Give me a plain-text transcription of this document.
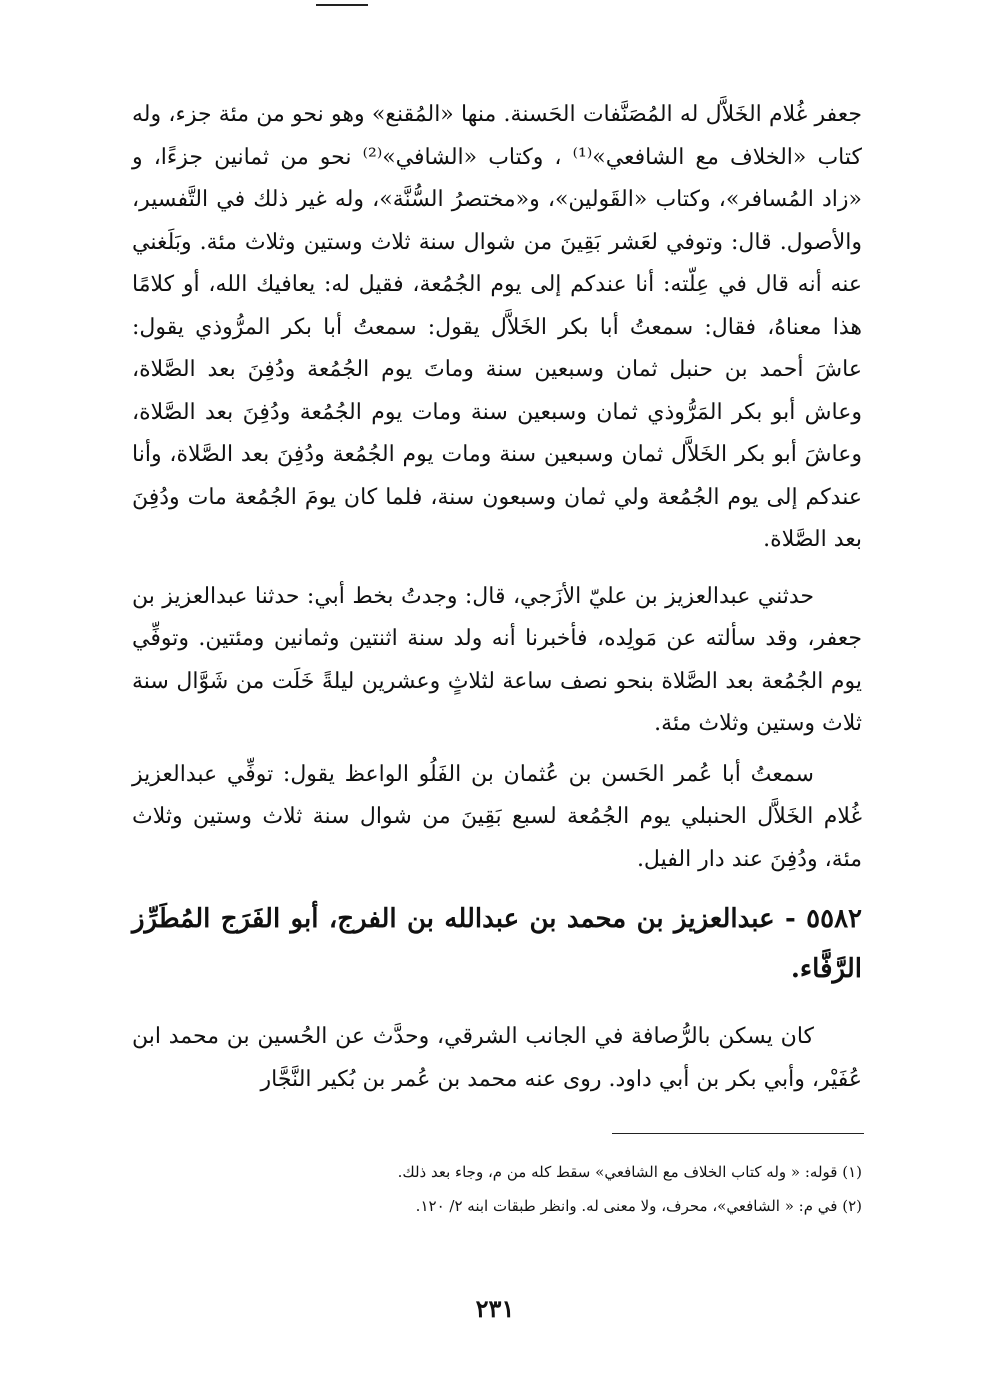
جعفر غُلام الخَلاَّل له المُصَنَّفات الحَسنة. منها «المُقنع» وهو نحو من مئة جزء، وله كتاب «الخلاف مع الشافعي»⁽¹⁾ ، وكتاب «الشافي»⁽²⁾ نحو من ثمانين جزءًا، و «زاد المُسافر»، وكتاب «القَولين»، و«مختصرُ السُّنَّة»، وله غير ذلك في التَّفسير، والأصول. قال: وتوفي لعَشر بَقِينَ من شوال سنة ثلاث وستين وثلاث مئة. وبَلَغني عنه أنه قال في عِلّته: أنا عندكم إلى يوم الجُمُعة، فقيل له: يعافيك الله، أو كلامًا هذا معناهُ، فقال: سمعتُ أبا بكر الخَلاَّل يقول: سمعتُ أبا بكر المرُّوذي يقول: عاشَ أحمد بن حنبل ثمان وسبعين سنة وماتَ يوم الجُمُعة ودُفِنَ بعد الصَّلاة، وعاش أبو بكر المَرُّوذي ثمان وسبعين سنة ومات يوم الجُمُعة ودُفِنَ بعد الصَّلاة، وعاشَ أبو بكر الخَلاَّل ثمان وسبعين سنة ومات يوم الجُمُعة ودُفِنَ بعد الصَّلاة، وأنا عندكم إلى يوم الجُمُعة ولي ثمان وسبعون سنة، فلما كان يومَ الجُمُعة مات ودُفِنَ بعد الصَّلاة.

حدثني عبدالعزيز بن عليّ الأزَجي، قال: وجدتُ بخط أبي: حدثنا عبدالعزيز بن جعفر، وقد سألته عن مَولِده، فأخبرنا أنه ولد سنة اثنتين وثمانين ومئتين. وتوفِّي يوم الجُمُعة بعد الصَّلاة بنحو نصف ساعة لثلاثٍ وعشرين ليلةً خَلَت من شَوَّال سنة ثلاث وستين وثلاث مئة.

سمعتُ أبا عُمر الحَسن بن عُثمان بن الفَلُو الواعظ يقول: توفِّي عبدالعزيز غُلام الخَلاَّل الحنبلي يوم الجُمُعة لسبع بَقِينَ من شوال سنة ثلاث وستين وثلاث مئة، ودُفِنَ عند دار الفيل.

٥٥٨٢ - عبدالعزيز بن محمد بن عبدالله بن الفرج، أبو الفَرَج المُطَرِّز الرَّفَّاء.

كان يسكن بالرُّصافة في الجانب الشرقي، وحدَّث عن الحُسين بن محمد ابن عُفَيْر، وأبي بكر بن أبي داود. روى عنه محمد بن عُمر بن بُكير النَّجَّار

(١) قوله: « وله كتاب الخلاف مع الشافعي» سقط كله من م، وجاء بعد ذلك.

(٢) في م: « الشافعي»، محرف، ولا معنى له. وانظر طبقات ابنه ٢/ ١٢٠.

٢٣١
